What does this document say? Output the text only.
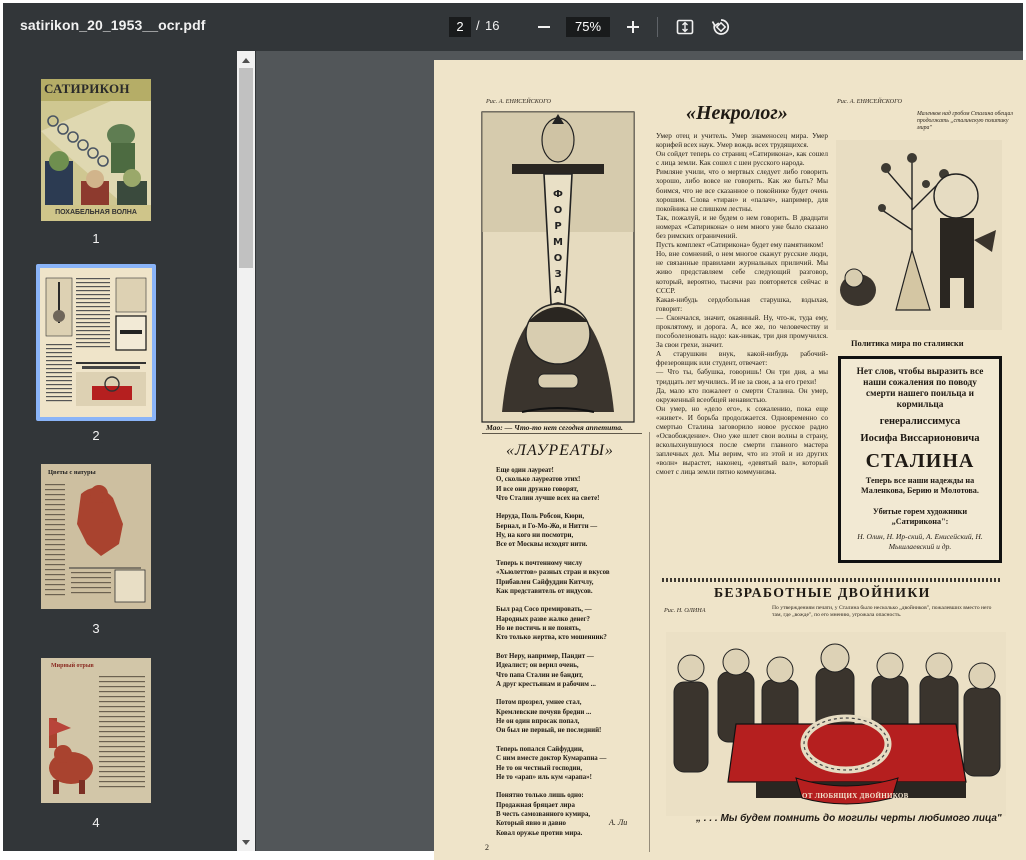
satirikon_20_1953__ocr.pdf	2 / 16	75%
САТИРИКОН
ПОХАБЕЛЬНАЯ ВОЛНА
1
2
Цветы с натуры
3
Мирный отрыв
4
Рис. А. ЕНИСЕЙСКОГО
Ф
О
Р
М
О
З
А
Мао: — Что-то нет сегодня аппетита.
«Некролог»
Умер отец и учитель. Умер знаменосец мира. Умер корифей всех наук. Умер вождь всех трудящихся.
Он сойдет теперь со страниц «Сатирикона», как сошел с лица земли. Как сошел с шеи русского народа.
Римляне учили, что о мертвых следует либо говорить хорошо, либо вовсе не говорить. Как же быть? Мы боимся, что не все сказанное о покойнике будет очень хорошим. Слова «тиран» и «палач», например, для покойника не слишком лестны.
Так, пожалуй, и не будем о нем говорить. В двадцати номерах «Сатирикона» о нем много уже было сказано без римских ограничений.
Пусть комплект «Сатирикона» будет ему памятником!
Но, вне сомнений, о нем многое скажут русские люди, не связанные правилами журнальных приличий. Мы живо представляем себе следующий разговор, который, вероятно, тысячи раз повторяется сейчас в СССР.
Какая-нибудь сердобольная старушка, вздыхая, говорит:
— Скончался, значит, окаянный. Ну, что-ж, туда ему, проклятому, и дорога. А, все же, по человечеству и пособолезновать надо: как-никак, три дня промучился. За свои грехи, значит.
А старушкин внук, какой-нибудь рабочий-фрезеровщик или студент, отвечает:
— Что ты, бабушка, говоришь! Он три дня, а мы тридцать лет мучились. И не за свои, а за его грехи!
Да, мало кто пожалеет о смерти Сталина. Он умер, окруженный всеобщей ненавистью.
Он умер, но «дело его», к сожалению, пока еще «живет». И борьба продолжается. Одновременно со смертью Сталина заговорило новое русское радио «Освобождение». Оно уже шлет свои волны в страну, всколыхнувшуюся после смерти главного мастера заплечных дел. Мы верим, что из этой и из других «волн» вырастет, наконец, «девятый вал», который смоет с лица земли пятно коммунизма.
Рис. А. ЕНИСЕЙСКОГО
Маленков над гробом Сталина обещал продолжать „сталинскую политику мира"
Политика мира по сталински
Нет слов, чтобы выразить все наши сожаления по поводу смерти нашего поильца и кормильца
генералиссимуса
Иосифа Виссарионовича
СТАЛИНА
Теперь все наши надежды на Маленкова, Берию и Молотова.
Убитые горем художники „Сатирикона":
Н. Олин, Н. Ир-ский, А. Енисейский, Н. Мышлаевский и др.
«ЛАУРЕАТЫ»
Еще один лауреат!
О, сколько лауреатов этих!
И все они дружно говорят,
Что Сталин лучше всех на свете!

Неруда, Поль Робсон, Кюри,
Бернал, и Го-Мо-Жо, и Нитти —
Ну, на кого ни посмотри,
Все от Москвы исходят нити.

Теперь к почтенному числу
«Хьюлеттов» разных стран и вкусов
Прибавлен Сайфуддин Китчлу,
Как представитель от индусов.

Был рад Сосо премировать, —
Народных разве жалко денег?
Но не постичь и не понять,
Кто только жертва, кто мошенник?

Вот Неру, например, Пандит —
Идеалист; он верил очень,
Что папа Сталин не бандит,
А друг крестьянам и рабочим ...

Потом прозрел, умнее стал,
Кремлевские почуяв бредни ...
Не он один впросак попал,
Он был не первый, не последний!

Теперь попался Сайфуддин,
С ним вместе доктор Кумарапна —
Не то он честный господин,
Не то «арап» иль кум «арапа»!

Понятно только лишь одно:
Продажная бряцает лира
В честь самозванного кумира,
Который явно и давно
Ковал оружье против мира.
А. Ли
БЕЗРАБОТНЫЕ ДВОЙНИКИ
Рис. Н. ОЛИНА	По утверждениям печати, у Сталина было несколько „двойников", пожалевших вместо него там, где „вожде", по его мнению, угрожала опасность.
ОТ ЛЮБЯЩИХ ДВОЙНИКОВ
„ . . . Мы будем помнить до могилы черты любимого лица"
2
